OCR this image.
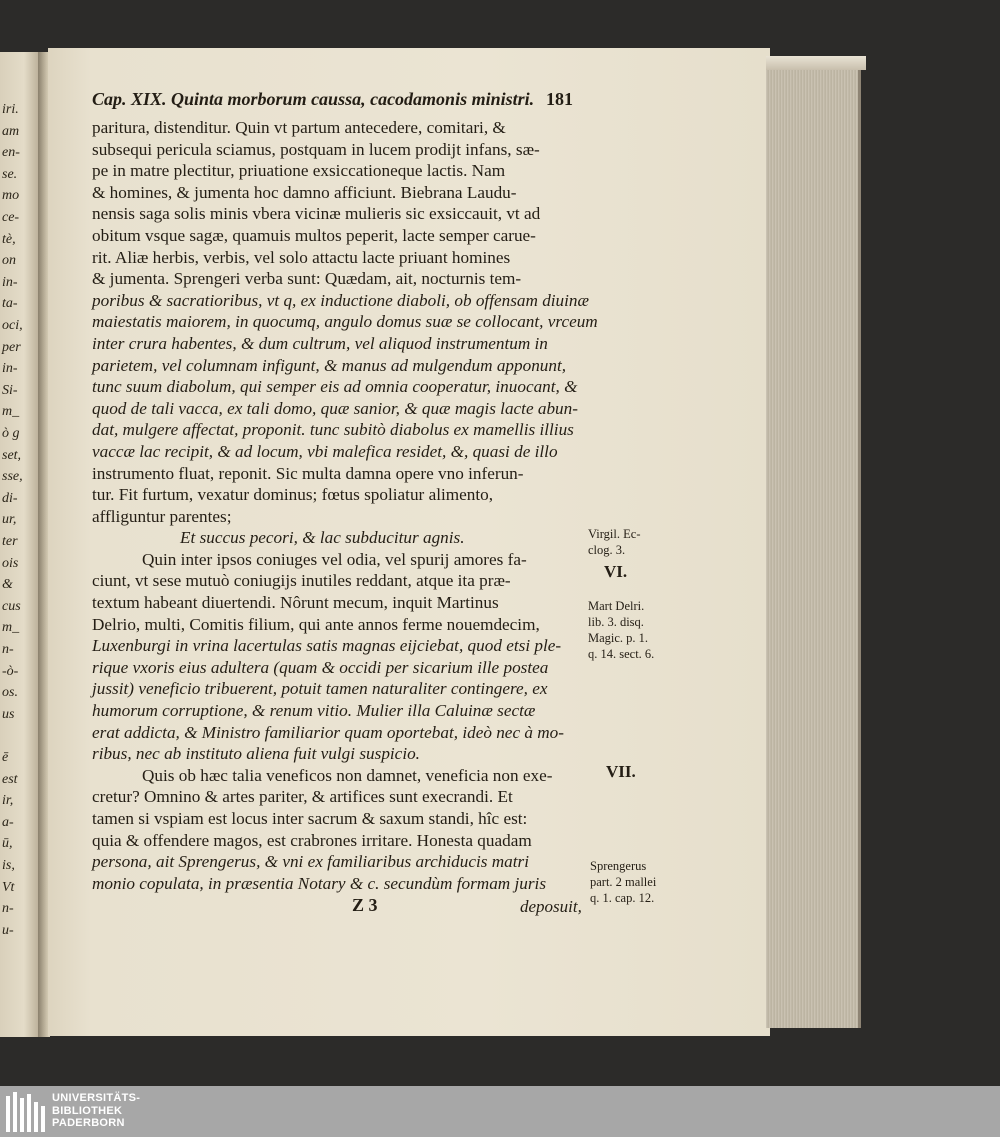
iri.
am
en-
se.
mo
ce-
tè,
on
in-
ta-
oci,
per
in-
Si-
m_
ò g
set,
sse,
di-
ur,
ter
ois
&
cus
m_
n-
-ò-
os.
us
ē
est
ir,
a-
ū,
is,
Vt
n-
u-
Cap. XIX. Quinta morborum caussa, cacodamonis ministri. 181
paritura, distenditur. Quin vt partum antecedere, comitari, &
subsequi pericula sciamus, postquam in lucem prodijt infans, sæ-
pe in matre plectitur, priuatione exsiccationeque lactis. Nam
& homines, & jumenta hoc damno afficiunt. Biebrana Laudu-
nensis saga solis minis vbera vicinæ mulieris sic exsiccauit, vt ad
obitum vsque sagæ, quamuis multos peperit, lacte semper carue-
rit. Aliæ herbis, verbis, vel solo attactu lacte priuant homines
& jumenta. Sprengeri verba sunt: Quædam, ait, nocturnis tem-
poribus & sacratioribus, vt q, ex inductione diaboli, ob offensam diuinæ
maiestatis maiorem, in quocumq, angulo domus suæ se collocant, vrceum
inter crura habentes, & dum cultrum, vel aliquod instrumentum in
parietem, vel columnam infigunt, & manus ad mulgendum apponunt,
tunc suum diabolum, qui semper eis ad omnia cooperatur, inuocant, &
quod de tali vacca, ex tali domo, quæ sanior, & quæ magis lacte abun-
dat, mulgere affectat, proponit. tunc subitò diabolus ex mamellis illius
vaccæ lac recipit, & ad locum, vbi malefica residet, &, quasi de illo
instrumento fluat, reponit. Sic multa damna opere vno inferun-
tur. Fit furtum, vexatur dominus; fœtus spoliatur alimento,
affliguntur parentes;
Et succus pecori, & lac subducitur agnis.
Quin inter ipsos coniuges vel odia, vel spurij amores fa-
ciunt, vt sese mutuò coniugijs inutiles reddant, atque ita præ-
textum habeant diuertendi. Nôrunt mecum, inquit Martinus
Delrio, multi, Comitis filium, qui ante annos ferme nouemdecim,
Luxenburgi in vrina lacertulas satis magnas eijciebat, quod etsi ple-
rique vxoris eius adultera (quam & occidi per sicarium ille postea
jussit) veneficio tribuerent, potuit tamen naturaliter contingere, ex
humorum corruptione, & renum vitio. Mulier illa Caluinæ sectæ
erat addicta, & Ministro familiarior quam oportebat, ideò nec à mo-
ribus, nec ab instituto aliena fuit vulgi suspicio.
Quis ob hæc talia veneficos non damnet, veneficia non exe-
cretur? Omnino & artes pariter, & artifices sunt execrandi. Et
tamen si vspiam est locus inter sacrum & saxum standi, hîc est:
quia & offendere magos, est crabrones irritare. Honesta quadam
persona, ait Sprengerus, & vni ex familiaribus archiducis matri
monio copulata, in præsentia Notary & c. secundùm formam juris
Z 3	deposuit,
Virgil. Ec-
clog. 3.
VI.
Mart Delri.
lib. 3. disq.
Magic. p. 1.
q. 14. sect. 6.
VII.
Sprengerus
part. 2 mallei
q. 1. cap. 12.
UNIVERSITÄTS-
BIBLIOTHEK
PADERBORN
